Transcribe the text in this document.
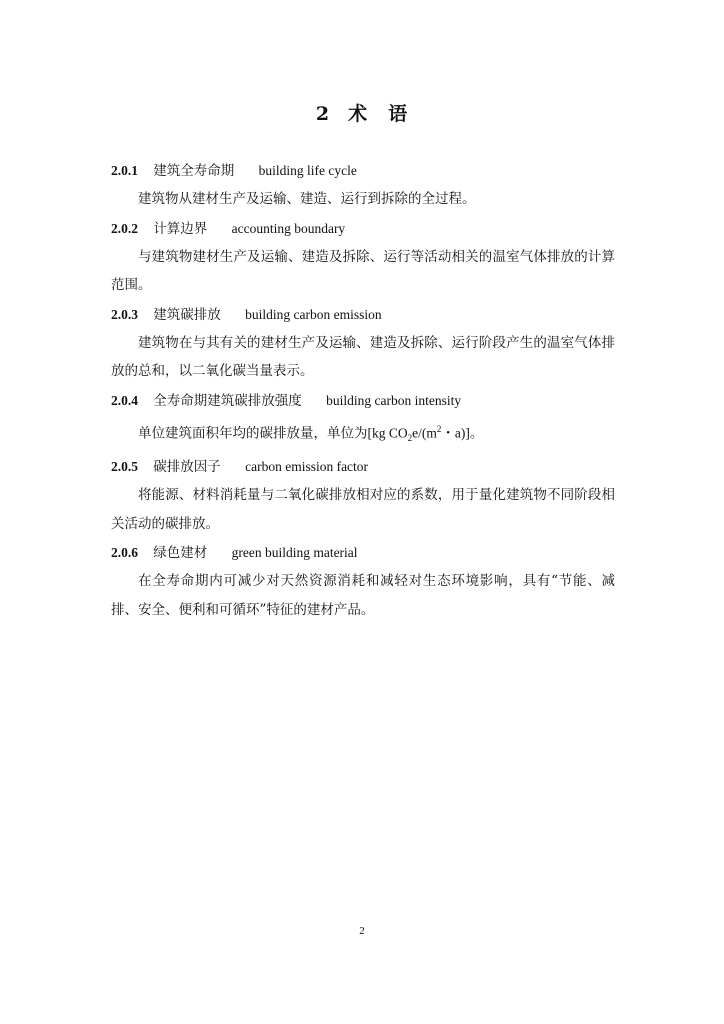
2 术 语
2.0.1 建筑全寿命期 building life cycle

建筑物从建材生产及运输、建造、运行到拆除的全过程。

2.0.2 计算边界 accounting boundary

与建筑物建材生产及运输、建造及拆除、运行等活动相关的温室气体排放的计算范围。

2.0.3 建筑碳排放 building carbon emission

建筑物在与其有关的建材生产及运输、建造及拆除、运行阶段产生的温室气体排放的总和，以二氧化碳当量表示。

2.0.4 全寿命期建筑碳排放强度 building carbon intensity

单位建筑面积年均的碳排放量，单位为[kg $CO_2e/(m^2$・a)]。

2.0.5 碳排放因子 carbon emission factor

将能源、材料消耗量与二氧化碳排放相对应的系数，用于量化建筑物不同阶段相关活动的碳排放。

2.0.6 绿色建材 green building material

在全寿命期内可减少对天然资源消耗和减轻对生态环境影响，具有“节能、减排、安全、便利和可循环”特征的建材产品。

2
